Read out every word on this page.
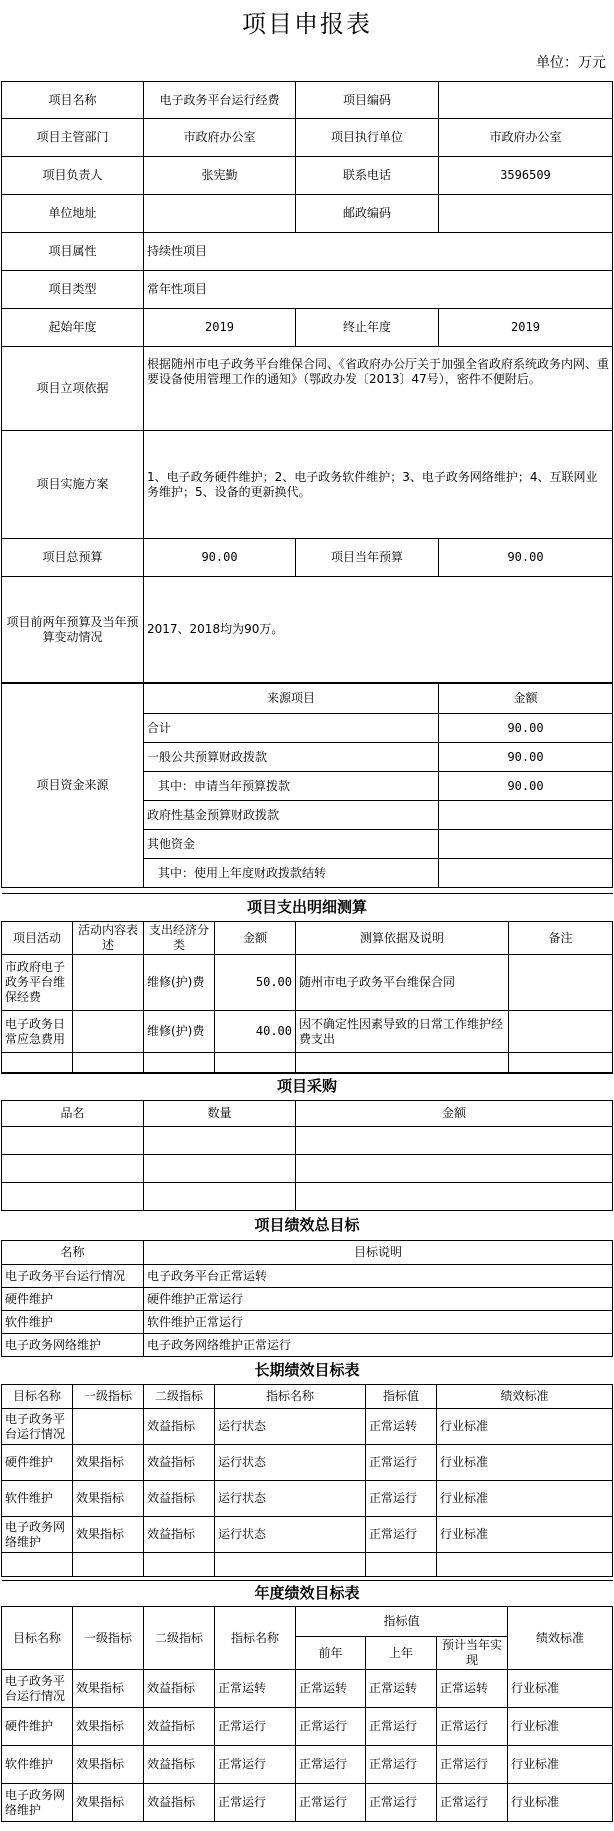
项目申报表
单位：万元
项目名称	电子政务平台运行经费	项目编码	
项目主管部门	市政府办公室	项目执行单位	市政府办公室
项目负责人	张宪勤	联系电话	3596509
单位地址		邮政编码	
项目属性	持续性项目		
项目类型	常年性项目		
起始年度	2019	终止年度	2019
项目立项依据	根据随州市电子政务平台维保合同、《省政府办公厅关于加强全省政府系统政务内网、重要设备使用管理工作的通知》（鄂政办发〔2013〕47号），密件不便附后。		
项目实施方案	1、电子政务硬件维护；2、电子政务软件维护；3、电子政务网络维护；4、互联网业务维护；5、设备的更新换代。		
项目总预算	90.00	项目当年预算	90.00
项目前两年预算及当年预算变动情况	2017、2018均为90万。		
项目资金来源	来源项目	金额
	合计	90.00
	一般公共预算财政拨款	90.00
	其中：申请当年预算拨款	90.00
	政府性基金预算财政拨款	
	其他资金	
	其中：使用上年度财政拨款结转	
项目支出明细测算					
项目活动	活动内容表述	支出经济分类	金额	测算依据及说明	备注
市政府电子政务平台维保经费		维修(护)费	50.00	随州市电子政务平台维保合同	
电子政务日常应急费用		维修(护)费	40.00	因不确定性因素导致的日常工作维护经费支出	

项目采购		
品名	数量	金额

项目绩效总目标	
名称	目标说明
电子政务平台运行情况	电子政务平台正常运转
硬件维护	硬件维护正常运行
软件维护	软件维护正常运行
电子政务网络维护	电子政务网络维护正常运行
长期绩效目标表					
目标名称	一级指标	二级指标	指标名称	指标值	绩效标准
电子政务平台运行情况		效益指标	运行状态	正常运转	行业标准
硬件维护	效果指标	效益指标	运行状态	正常运行	行业标准
软件维护	效果指标	效益指标	运行状态	正常运行	行业标准
电子政务网络维护	效果指标	效益指标	运行状态	正常运行	行业标准

年度绩效目标表							
目标名称	一级指标	二级指标	指标名称	指标值			绩效标准
				前年	上年	预计当年实现	
电子政务平台运行情况	效果指标	效益指标	正常运转	正常运转	正常运转	正常运转	行业标准
硬件维护	效果指标	效益指标	正常运行	正常运行	正常运行	正常运行	行业标准
软件维护	效果指标	效益指标	正常运行	正常运行	正常运行	正常运行	行业标准
电子政务网络维护	效果指标	效益指标	正常运行	正常运行	正常运行	正常运行	行业标准
